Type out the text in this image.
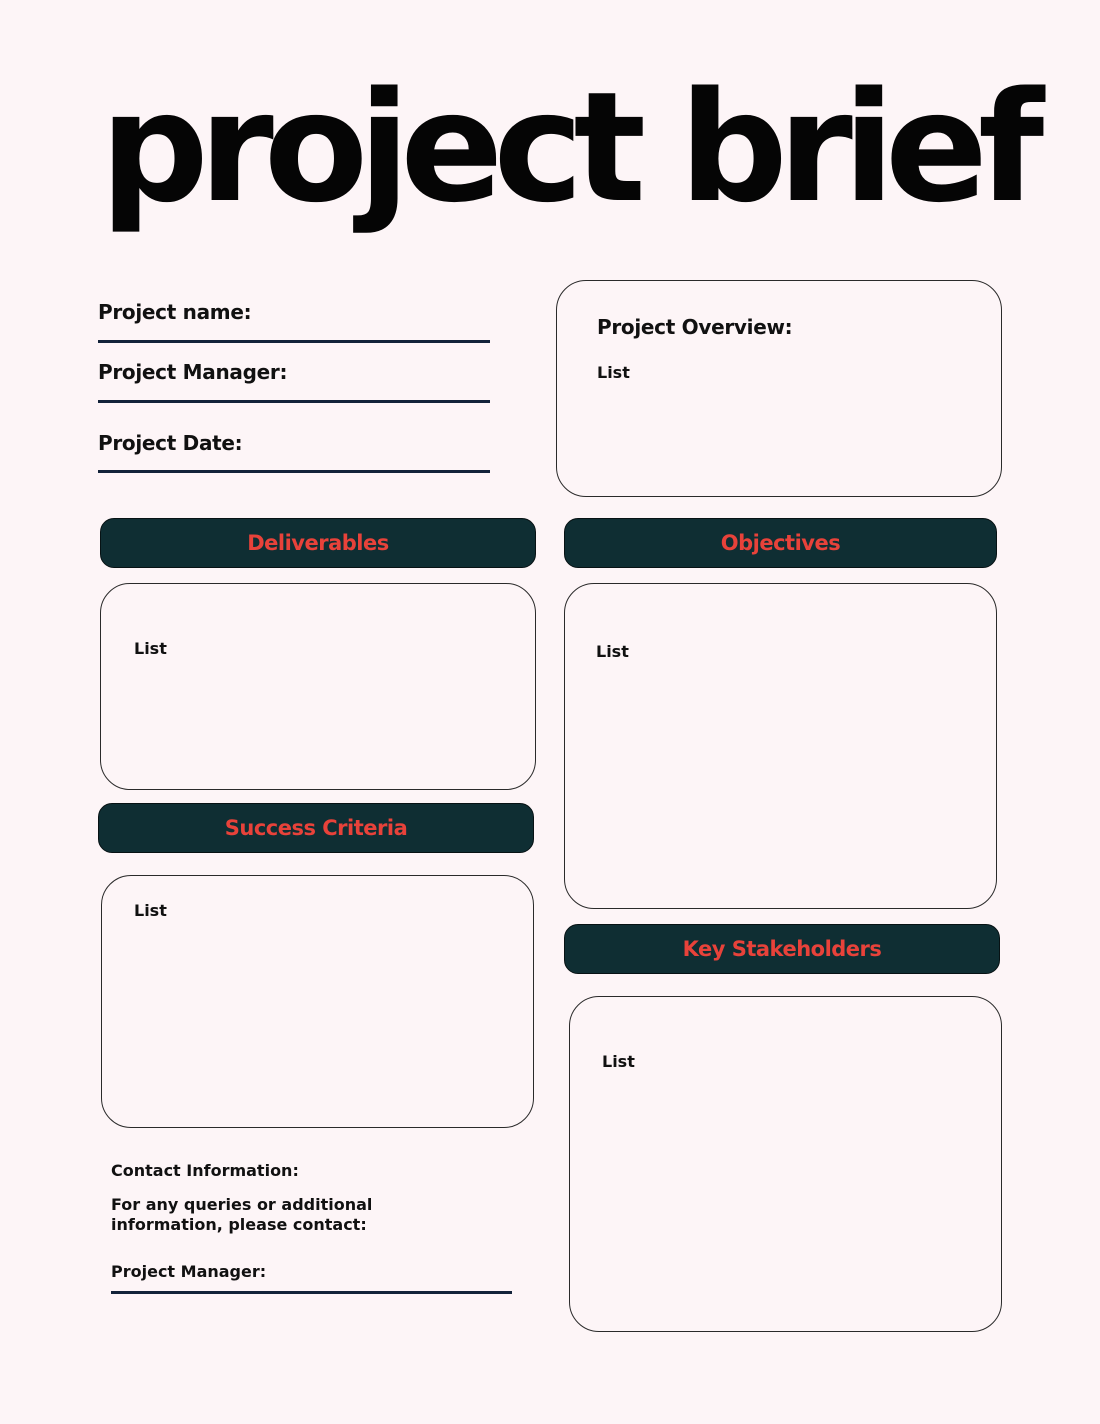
project brief
Project name:
Project Manager:
Project Date:
Project Overview:
List
Deliverables
List
Objectives
List
Success Criteria
List
Key Stakeholders
List
Contact Information:
For any queries or additional
information, please contact:
Project Manager:
